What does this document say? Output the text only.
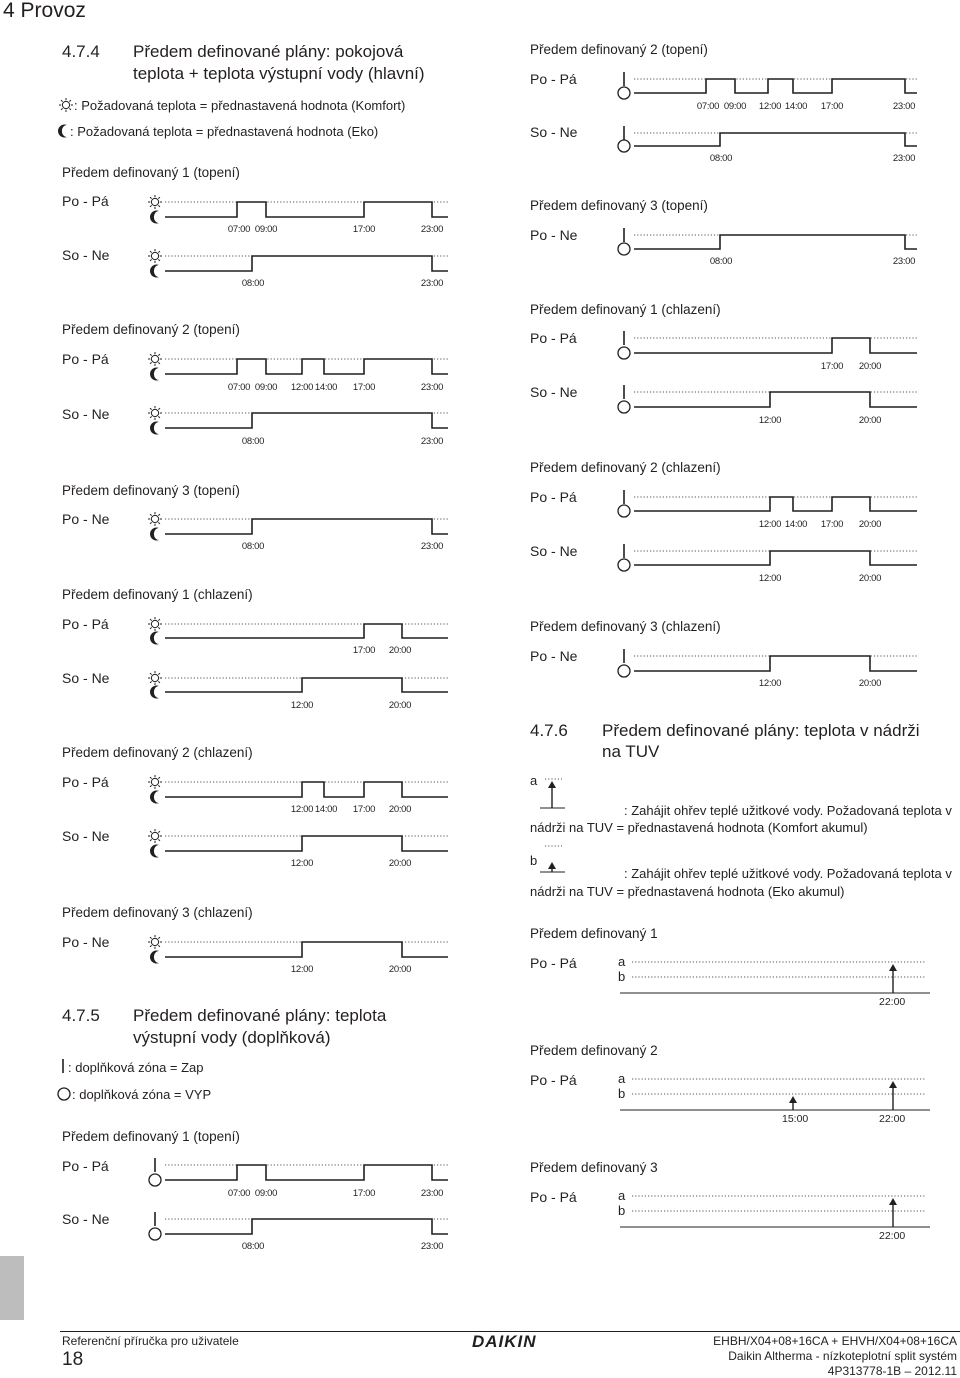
4 Provoz
4.7.4 Předem definované plány: pokojová
teplota + teplota výstupní vody (hlavní)
: Požadovaná teplota = přednastavená hodnota (Komfort)
: Požadovaná teplota = přednastavená hodnota (Eko)
Předem definovaný 1 (topení)
Po - Pá
So - Ne
Předem definovaný 2 (topení)
Po - Pá
So - Ne
Předem definovaný 3 (topení)
Po - Ne
Předem definovaný 1 (chlazení)
Po - Pá
So - Ne
Předem definovaný 2 (chlazení)
Po - Pá
So - Ne
Předem definovaný 3 (chlazení)
Po - Ne
4.7.5 Předem definované plány: teplota
výstupní vody (doplňková)
: doplňková zóna = Zap
: doplňková zóna = VYP
Předem definovaný 1 (topení)
Po - Pá
So - Ne
Předem definovaný 2 (topení)
Po - Pá
So - Ne
Předem definovaný 3 (topení)
Po - Ne
Předem definovaný 1 (chlazení)
Po - Pá
So - Ne
Předem definovaný 2 (chlazení)
Po - Pá
So - Ne
Předem definovaný 3 (chlazení)
Po - Ne
4.7.6 Předem definované plány: teplota v nádrži
na TUV
a
: Zahájit ohřev teplé užitkové vody. Požadovaná teplota v
nádrži na TUV = přednastavená hodnota (Komfort akumul)
b
: Zahájit ohřev teplé užitkové vody. Požadovaná teplota v
nádrži na TUV = přednastavená hodnota (Eko akumul)
Předem definovaný 1
Po - Pá
Předem definovaný 2
Po - Pá
Předem definovaný 3
Po - Pá
07:00 09:00	17:00	23:00
08:00	23:00
07:00 09:00 12:00 14:00 17:00	23:00
08:00	23:00
08:00	23:00
17:00 20:00
12:00	20:00
12:00 14:00 17:00 20:00
12:00	20:00
12:00	20:00
07:00 09:00	17:00	23:00
08:00	23:00
07:00 09:00 12:00 14:00 17:00	23:00
08:00	23:00
08:00	23:00
17:00 20:00
12:00	20:00
12:00 14:00 17:00 20:00
12:00	20:00
12:00	20:00
a
b
22:00
a
b
15:00	22:00
a
b
22:00
Referenční příručka pro uživatele
18
DAIKIN	EHBH/X04+08+16CA + EHVH/X04+08+16CA
Daikin Altherma - nízkoteplotní split systém
4P313778-1B – 2012.11
